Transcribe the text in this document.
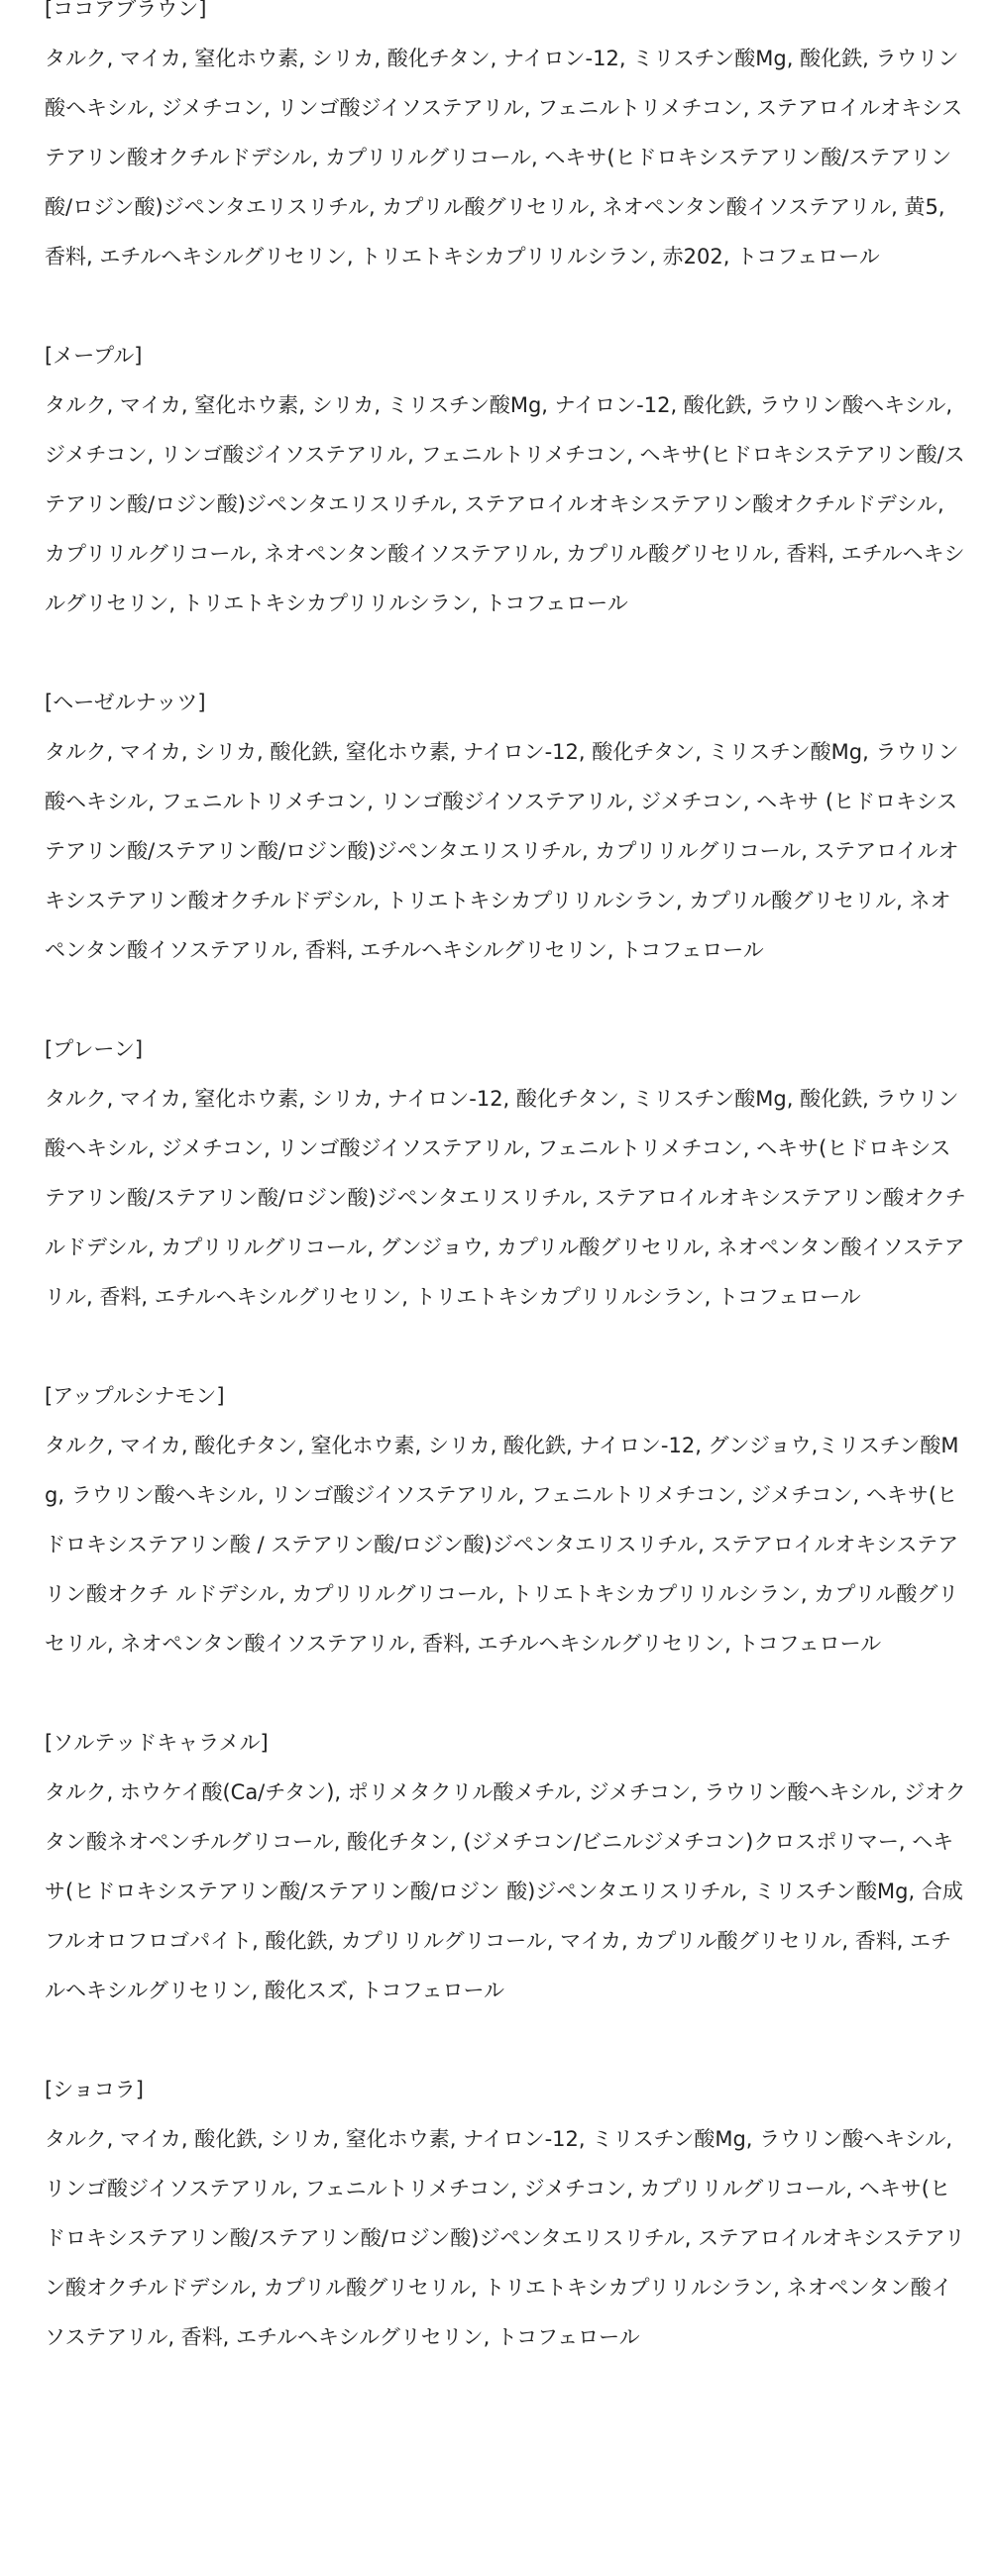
[ココアブラウン]

タルク, マイカ, 窒化ホウ素, シリカ, 酸化チタン, ナイロン-12, ミリスチン酸Mg, 酸化鉄, ラウリン酸ヘキシル, ジメチコン, リンゴ酸ジイソステアリル, フェニルトリメチコン, ステアロイルオキシステアリン酸オクチルドデシル, カプリリルグリコール, ヘキサ(ヒドロキシステアリン酸/ステアリン酸/ロジン酸)ジペンタエリスリチル, カプリル酸グリセリル, ネオペンタン酸イソステアリル, 黄5, 香料, エチルヘキシルグリセリン, トリエトキシカプリリルシラン, 赤202, トコフェロール

[メープル]

タルク, マイカ, 窒化ホウ素, シリカ, ミリスチン酸Mg, ナイロン-12, 酸化鉄, ラウリン酸ヘキシル, ジメチコン, リンゴ酸ジイソステアリル, フェニルトリメチコン, ヘキサ(ヒドロキシステアリン酸/ステアリン酸/ロジン酸)ジペンタエリスリチル, ステアロイルオキシステアリン酸オクチルドデシル, カプリリルグリコール, ネオペンタン酸イソステアリル, カプリル酸グリセリル, 香料, エチルヘキシルグリセリン, トリエトキシカプリリルシラン, トコフェロール

[ヘーゼルナッツ]

タルク, マイカ, シリカ, 酸化鉄, 窒化ホウ素, ナイロン-12, 酸化チタン, ミリスチン酸Mg, ラウリン酸ヘキシル, フェニルトリメチコン, リンゴ酸ジイソステアリル, ジメチコン, ヘキサ (ヒドロキシステアリン酸/ステアリン酸/ロジン酸)ジペンタエリスリチル, カプリリルグリコール, ステアロイルオキシステアリン酸オクチルドデシル, トリエトキシカプリリルシラン, カプリル酸グリセリル, ネオペンタン酸イソステアリル, 香料, エチルヘキシルグリセリン, トコフェロール

[プレーン]

タルク, マイカ, 窒化ホウ素, シリカ, ナイロン-12, 酸化チタン, ミリスチン酸Mg, 酸化鉄, ラウリン酸ヘキシル, ジメチコン, リンゴ酸ジイソステアリル, フェニルトリメチコン, ヘキサ(ヒドロキシステアリン酸/ステアリン酸/ロジン酸)ジペンタエリスリチル, ステアロイルオキシステアリン酸オクチルドデシル, カプリリルグリコール, グンジョウ, カプリル酸グリセリル, ネオペンタン酸イソステアリル, 香料, エチルヘキシルグリセリン, トリエトキシカプリリルシラン, トコフェロール

[アップルシナモン]

タルク, マイカ, 酸化チタン, 窒化ホウ素, シリカ, 酸化鉄, ナイロン-12, グンジョウ,ミリスチン酸Mg, ラウリン酸ヘキシル, リンゴ酸ジイソステアリル, フェニルトリメチコン, ジメチコン, ヘキサ(ヒドロキシステアリン酸 / ステアリン酸/ロジン酸)ジペンタエリスリチル, ステアロイルオキシステアリン酸オクチ ルドデシル, カプリリルグリコール, トリエトキシカプリリルシラン, カプリル酸グリセリル, ネオペンタン酸イソステアリル, 香料, エチルヘキシルグリセリン, トコフェロール

[ソルテッドキャラメル]

タルク, ホウケイ酸(Ca/チタン), ポリメタクリル酸メチル, ジメチコン, ラウリン酸ヘキシル, ジオクタン酸ネオペンチルグリコール, 酸化チタン, (ジメチコン/ビニルジメチコン)クロスポリマー, ヘキサ(ヒドロキシステアリン酸/ステアリン酸/ロジン 酸)ジペンタエリスリチル, ミリスチン酸Mg, 合成フルオロフロゴパイト, 酸化鉄, カプリリルグリコール, マイカ, カプリル酸グリセリル, 香料, エチルヘキシルグリセリン, 酸化スズ, トコフェロール

[ショコラ]

タルク, マイカ, 酸化鉄, シリカ, 窒化ホウ素, ナイロン-12, ミリスチン酸Mg, ラウリン酸ヘキシル, リンゴ酸ジイソステアリル, フェニルトリメチコン, ジメチコン, カプリリルグリコール, ヘキサ(ヒドロキシステアリン酸/ステアリン酸/ロジン酸)ジペンタエリスリチル, ステアロイルオキシステアリン酸オクチルドデシル, カプリル酸グリセリル, トリエトキシカプリリルシラン, ネオペンタン酸イソステアリル, 香料, エチルヘキシルグリセリン, トコフェロール
